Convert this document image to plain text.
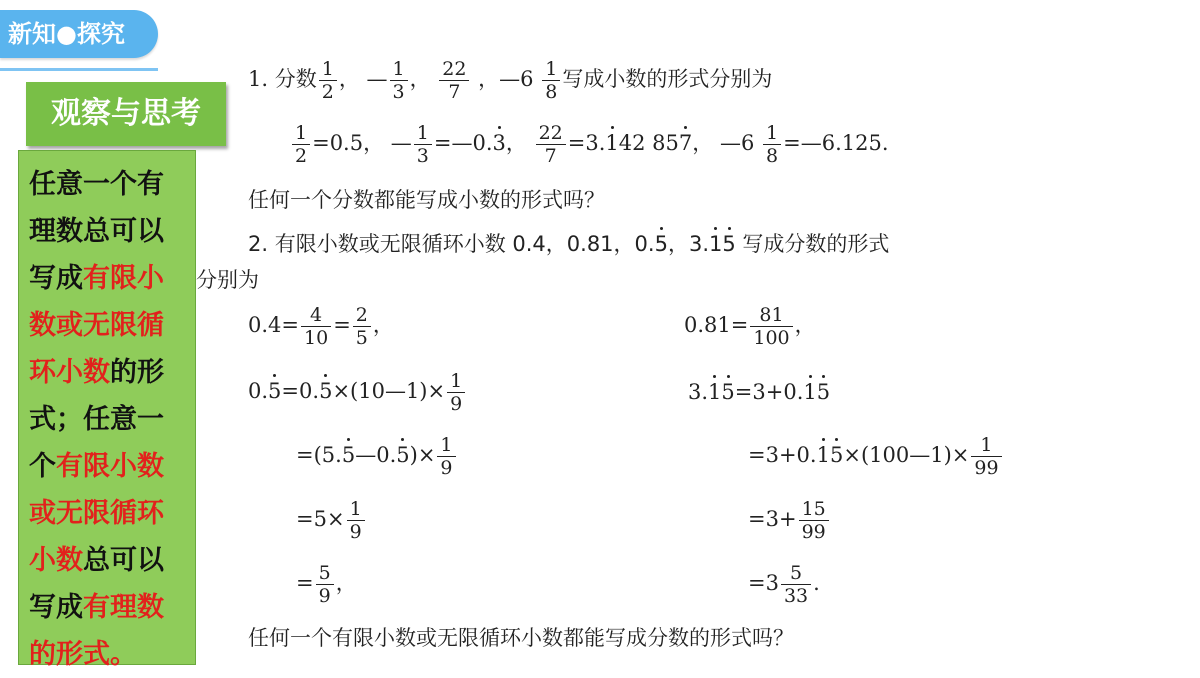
新知●探究
观察与思考
任意一个有理数总可以写成有限小数或无限循环小数的形式；任意一个有限小数或无限循环小数总可以写成有理数的形式。
1. 分数 $\frac{1}{2}$ ， — $\frac{1}{3}$ ， $\frac{22}{7}$ ，—6 $\frac{1}{8}$ 写成小数的形式分别为
$\frac{1}{2} =0.5$， — $\frac{1}{3}$ =—0.3， $\frac{22}{7} =3.142$ 857， —6 $\frac{1}{8}$ =—6.125.
任何一个分数都能写成小数的形式吗？
2. 有限小数或无限循环小数 0.4，0.81，0.5，3.15 写成分数的形式
分别为
$0.4= \frac{4}{10} = \frac{2}{5}$ ，
0.5=0.5×(10—1)× $\frac{1}{9}$
=(5.5—0.5)× $\frac{1}{9}$
$=5\times \frac{1}{9}$
= $\frac{5}{9}$ ，
$0.81= \frac{81}{100}$ ，
3.15=3+0.15
=3+0.15×(100—1)× $\frac{1}{99}$
$=3+ \frac{15}{99}$
$=3 \frac{5}{33}$ .
任何一个有限小数或无限循环小数都能写成分数的形式吗？
